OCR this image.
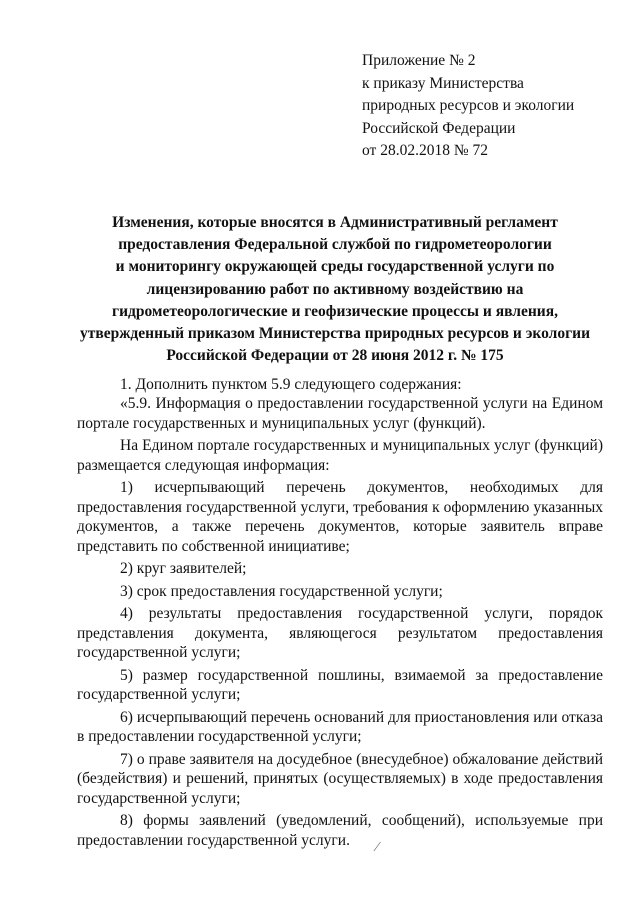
Приложение № 2
к приказу Министерства
природных ресурсов и экологии
Российской Федерации
от 28.02.2018 № 72
Изменения, которые вносятся в Административный регламент
предоставления Федеральной службой по гидрометеорологии
и мониторингу окружающей среды государственной услуги по
лицензированию работ по активному воздействию на
гидрометеорологические и геофизические процессы и явления,
утвержденный приказом Министерства природных ресурсов и экологии
Российской Федерации от 28 июня 2012 г. № 175

1. Дополнить пунктом 5.9 следующего содержания:

«5.9. Информация о предоставлении государственной услуги на Едином портале государственных и муниципальных услуг (функций).

На Едином портале государственных и муниципальных услуг (функций) размещается следующая информация:

1) исчерпывающий перечень документов, необходимых для предоставления государственной услуги, требования к оформлению указанных документов, а также перечень документов, которые заявитель вправе представить по собственной инициативе;

2) круг заявителей;

3) срок предоставления государственной услуги;

4) результаты предоставления государственной услуги, порядок представления документа, являющегося результатом предоставления государственной услуги;

5) размер государственной пошлины, взимаемой за предоставление государственной услуги;

6) исчерпывающий перечень оснований для приостановления или отказа в предоставлении государственной услуги;

7) о праве заявителя на досудебное (внесудебное) обжалование действий (бездействия) и решений, принятых (осуществляемых) в ходе предоставления государственной услуги;

8) формы заявлений (уведомлений, сообщений), используемые при предоставлении государственной услуги.	⁄
